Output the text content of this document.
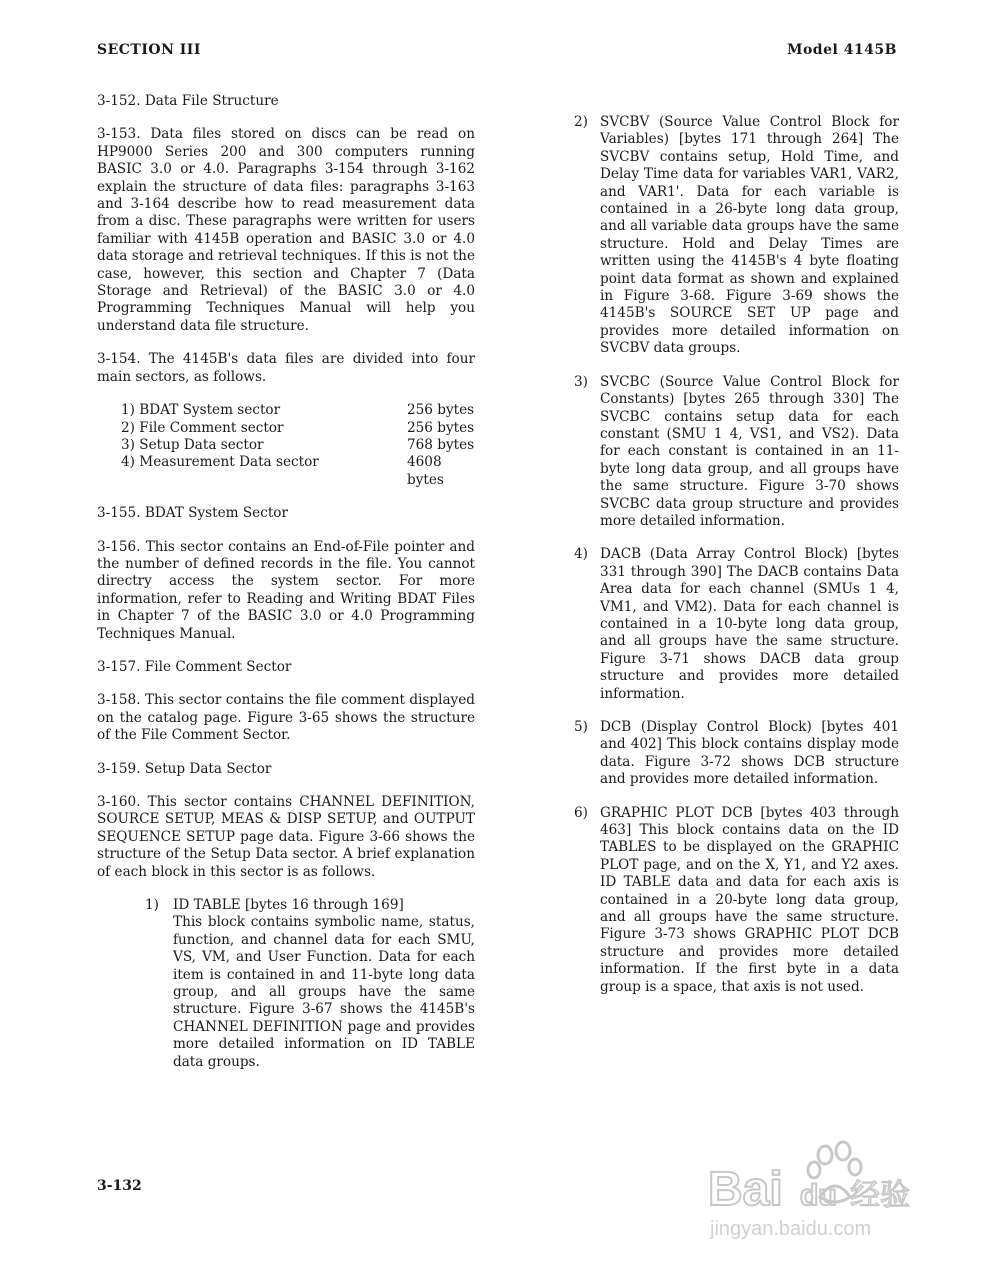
SECTION III	Model 4145B
3-152. Data File Structure

3-153. Data files stored on discs can be read on HP9000 Series 200 and 300 computers running BASIC 3.0 or 4.0. Paragraphs 3-154 through 3-162 explain the structure of data files: paragraphs 3-163 and 3-164 describe how to read measurement data from a disc. These paragraphs were written for users familiar with 4145B operation and BASIC 3.0 or 4.0 data storage and retrieval techniques. If this is not the case, however, this section and Chapter 7 (Data Storage and Retrieval) of the BASIC 3.0 or 4.0 Programming Techniques Manual will help you understand data file structure.

3-154. The 4145B's data files are divided into four main sectors, as follows.

1) BDAT System sector	256 bytes
2) File Comment sector	256 bytes
3) Setup Data sector	768 bytes
4) Measurement Data sector	4608 bytes
3-155. BDAT System Sector

3-156. This sector contains an End-of-File pointer and the number of defined records in the file. You cannot directry access the system sector. For more information, refer to Reading and Writing BDAT Files in Chapter 7 of the BASIC 3.0 or 4.0 Programming Techniques Manual.

3-157. File Comment Sector

3-158. This sector contains the file comment displayed on the catalog page. Figure 3-65 shows the structure of the File Comment Sector.

3-159. Setup Data Sector

3-160. This sector contains CHANNEL DEFINITION, SOURCE SETUP, MEAS & DISP SETUP, and OUTPUT SEQUENCE SETUP page data. Figure 3-66 shows the structure of the Setup Data sector. A brief explanation of each block in this sector is as follows.

1)	ID TABLE [bytes 16 through 169]
This block contains symbolic name, status, function, and channel data for each SMU, VS, VM, and User Function. Data for each item is contained in and 11-byte long data group, and all groups have the same structure. Figure 3-67 shows the 4145B's CHANNEL DEFINITION page and provides more detailed information on ID TABLE data groups.
2) SVCBV (Source Value Control Block for Variables) [bytes 171 through 264] The SVCBV contains setup, Hold Time, and Delay Time data for variables VAR1, VAR2, and VAR1'. Data for each variable is contained in a 26-byte long data group, and all variable data groups have the same structure. Hold and Delay Times are written using the 4145B's 4 byte floating point data format as shown and explained in Figure 3-68. Figure 3-69 shows the 4145B's SOURCE SET UP page and provides more detailed information on SVCBV data groups.
3) SVCBC (Source Value Control Block for Constants) [bytes 265 through 330] The SVCBC contains setup data for each constant (SMU 1 4, VS1, and VS2). Data for each constant is contained in an 11-byte long data group, and all groups have the same structure. Figure 3-70 shows SVCBC data group structure and provides more detailed information.
4) DACB (Data Array Control Block) [bytes 331 through 390] The DACB contains Data Area data for each channel (SMUs 1 4, VM1, and VM2). Data for each channel is contained in a 10-byte long data group, and all groups have the same structure. Figure 3-71 shows DACB data group structure and provides more detailed information.
5) DCB (Display Control Block) [bytes 401 and 402] This block contains display mode data. Figure 3-72 shows DCB structure and provides more detailed information.
6) GRAPHIC PLOT DCB [bytes 403 through 463] This block contains data on the ID TABLES to be displayed on the GRAPHIC PLOT page, and on the X, Y1, and Y2 axes. ID TABLE data and data for each axis is contained in a 20-byte long data group, and all groups have the same structure. Figure 3-73 shows GRAPHIC PLOT DCB structure and provides more detailed information. If the first byte in a data group is a space, that axis is not used.
3-132	Bai du 经验
jingyan.baidu.com
